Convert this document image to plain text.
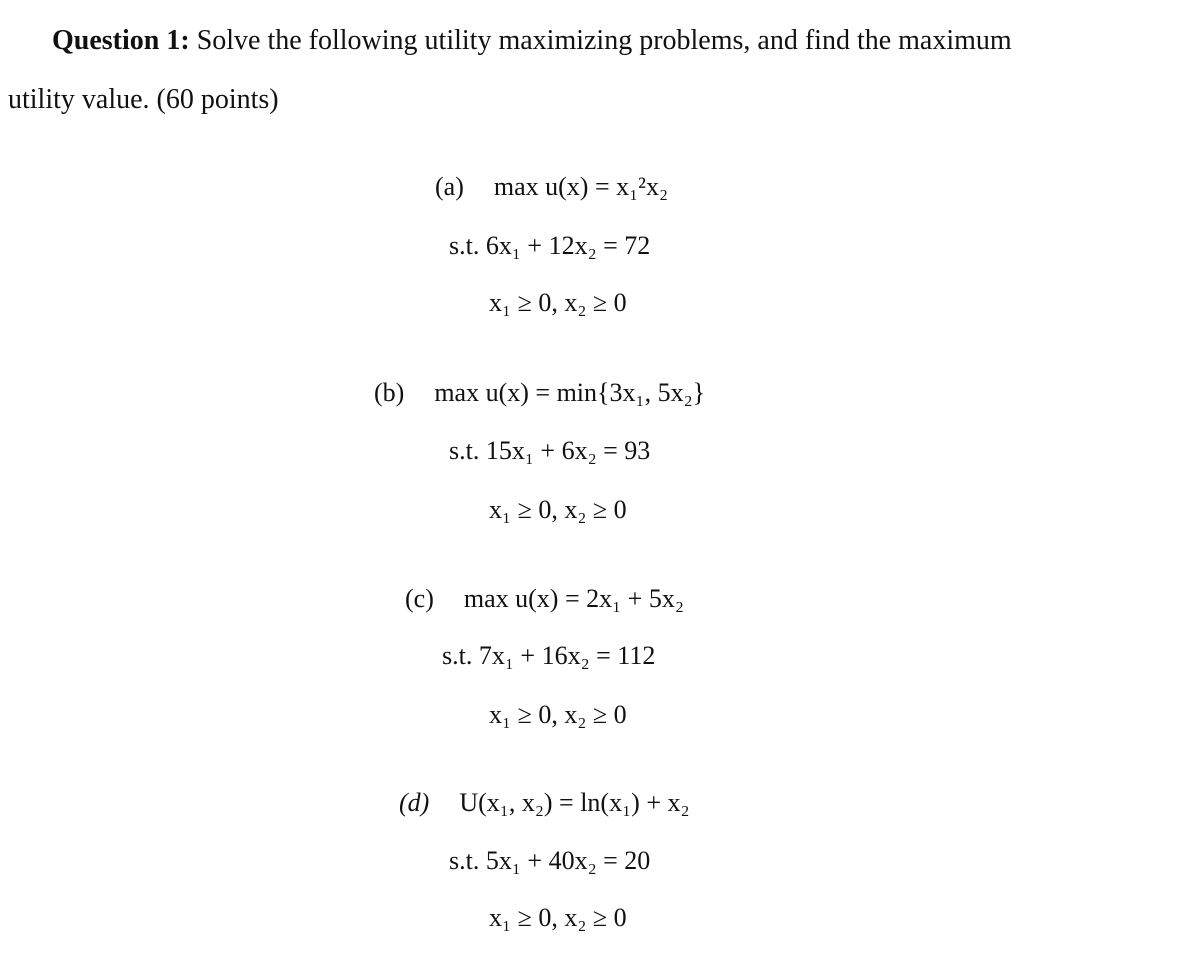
Question 1: Solve the following utility maximizing problems, and find the maximum
utility value. (60 points)
(a) max u(x) = x₁²x₂
s.t. 6x₁ + 12x₂ = 72
x₁ ≥ 0, x₂ ≥ 0
(b) max u(x) = min{3x₁, 5x₂}
s.t. 15x₁ + 6x₂ = 93
x₁ ≥ 0, x₂ ≥ 0
(c) max u(x) = 2x₁ + 5x₂
s.t. 7x₁ + 16x₂ = 112
x₁ ≥ 0, x₂ ≥ 0
(d) U(x₁, x₂) = ln(x₁) + x₂
s.t. 5x₁ + 40x₂ = 20
x₁ ≥ 0, x₂ ≥ 0
